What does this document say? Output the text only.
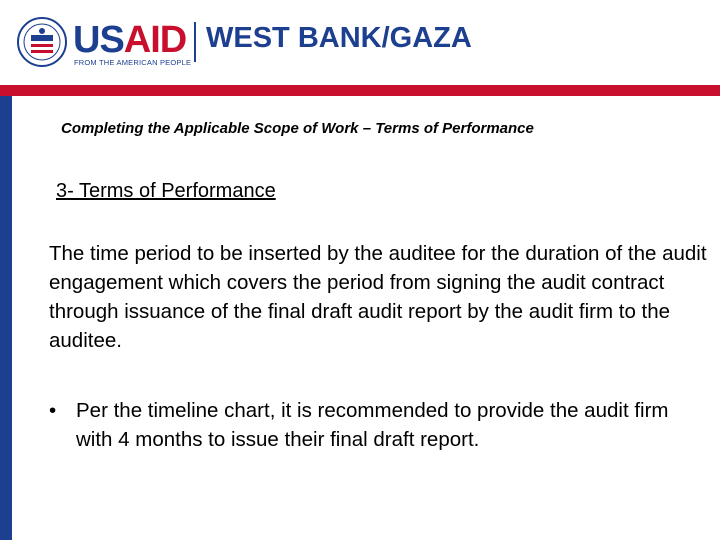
USAID
FROM THE AMERICAN PEOPLE
WEST BANK/GAZA
Completing the Applicable Scope of Work – Terms of Performance
3- Terms of Performance

The time period to be inserted by the auditee for the duration of the audit engagement which covers the period from signing the audit contract through issuance of the final draft audit report by the audit firm to the auditee.

• Per the timeline chart, it is recommended to provide the audit firm with 4 months to issue their final draft report.
